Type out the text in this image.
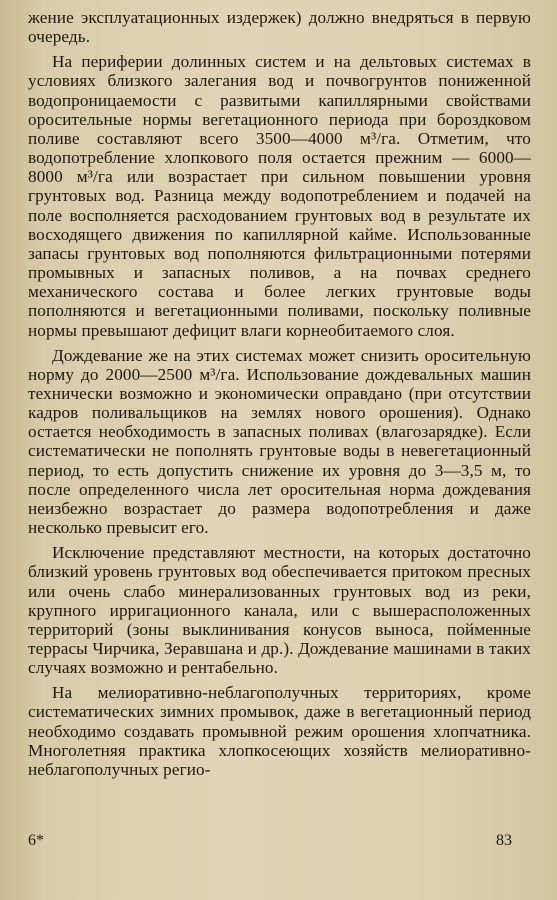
жение эксплуатационных издержек) должно внедряться в первую очередь.

На периферии долинных систем и на дельтовых системах в условиях близкого залегания вод и почвогрунтов пониженной водопроницаемости с развитыми капиллярными свойствами оросительные нормы вегетационного периода при бороздковом поливе составляют всего 3500—4000 м³/га. Отметим, что водопотребление хлопкового поля остается прежним — 6000—8000 м³/га или возрастает при сильном повышении уровня грунтовых вод. Разница между водопотреблением и подачей на поле восполняется расходованием грунтовых вод в результате их восходящего движения по капиллярной кайме. Использованные запасы грунтовых вод пополняются фильтрационными потерями промывных и запасных поливов, а на почвах среднего механического состава и более легких грунтовые воды пополняются и вегетационными поливами, поскольку поливные нормы превышают дефицит влаги корнеобитаемого слоя.

Дождевание же на этих системах может снизить оросительную норму до 2000—2500 м³/га. Использование дождевальных машин технически возможно и экономически оправдано (при отсутствии кадров поливальщиков на землях нового орошения). Однако остается необходимость в запасных поливах (влагозарядке). Если систематически не пополнять грунтовые воды в невегетационный период, то есть допустить снижение их уровня до 3—3,5 м, то после определенного числа лет оросительная норма дождевания неизбежно возрастает до размера водопотребления и даже несколько превысит его.

Исключение представляют местности, на которых достаточно близкий уровень грунтовых вод обеспечивается притоком пресных или очень слабо минерализованных грунтовых вод из реки, крупного ирригационного канала, или с вышерасположенных территорий (зоны выклинивания конусов выноса, пойменные террасы Чирчика, Зеравшана и др.). Дождевание машинами в таких случаях возможно и рентабельно.

На мелиоративно-неблагополучных территориях, кроме систематических зимних промывок, даже в вегетационный период необходимо создавать промывной режим орошения хлопчатника. Многолетняя практика хлопкосеющих хозяйств мелиоративно-неблагополучных регио-

6*	83
